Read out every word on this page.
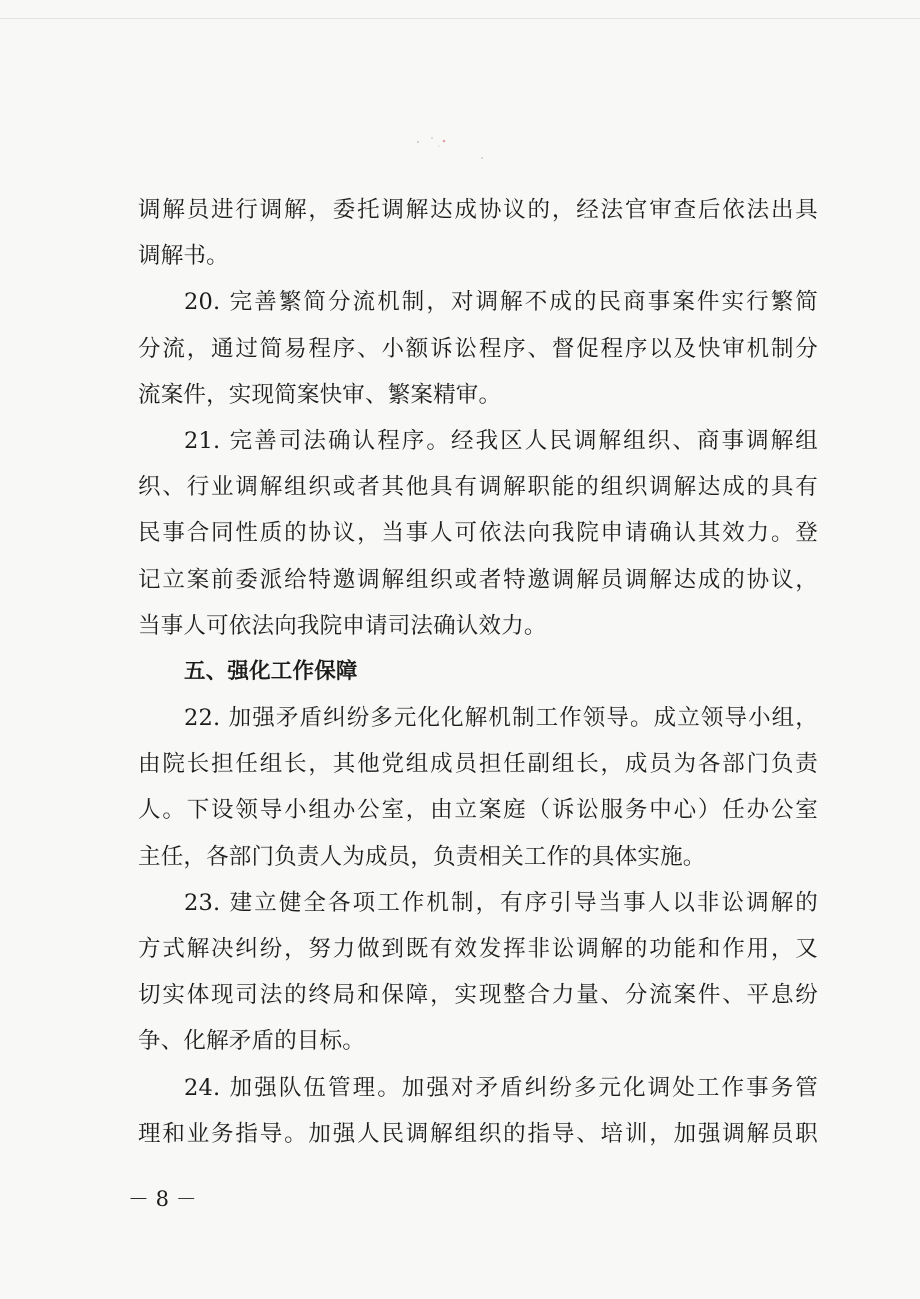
调解员进行调解，委托调解达成协议的，经法官审查后依法出具
调解书。
20. 完善繁简分流机制，对调解不成的民商事案件实行繁简
分流，通过简易程序、小额诉讼程序、督促程序以及快审机制分
流案件，实现简案快审、繁案精审。
21. 完善司法确认程序。经我区人民调解组织、商事调解组
织、行业调解组织或者其他具有调解职能的组织调解达成的具有
民事合同性质的协议，当事人可依法向我院申请确认其效力。登
记立案前委派给特邀调解组织或者特邀调解员调解达成的协议，
当事人可依法向我院申请司法确认效力。
五、强化工作保障
22. 加强矛盾纠纷多元化化解机制工作领导。成立领导小组，
由院长担任组长，其他党组成员担任副组长，成员为各部门负责
人。下设领导小组办公室，由立案庭（诉讼服务中心）任办公室
主任，各部门负责人为成员，负责相关工作的具体实施。
23. 建立健全各项工作机制，有序引导当事人以非讼调解的
方式解决纠纷，努力做到既有效发挥非讼调解的功能和作用，又
切实体现司法的终局和保障，实现整合力量、分流案件、平息纷
争、化解矛盾的目标。
24. 加强队伍管理。加强对矛盾纠纷多元化调处工作事务管
理和业务指导。加强人民调解组织的指导、培训，加强调解员职
－ 8 －
